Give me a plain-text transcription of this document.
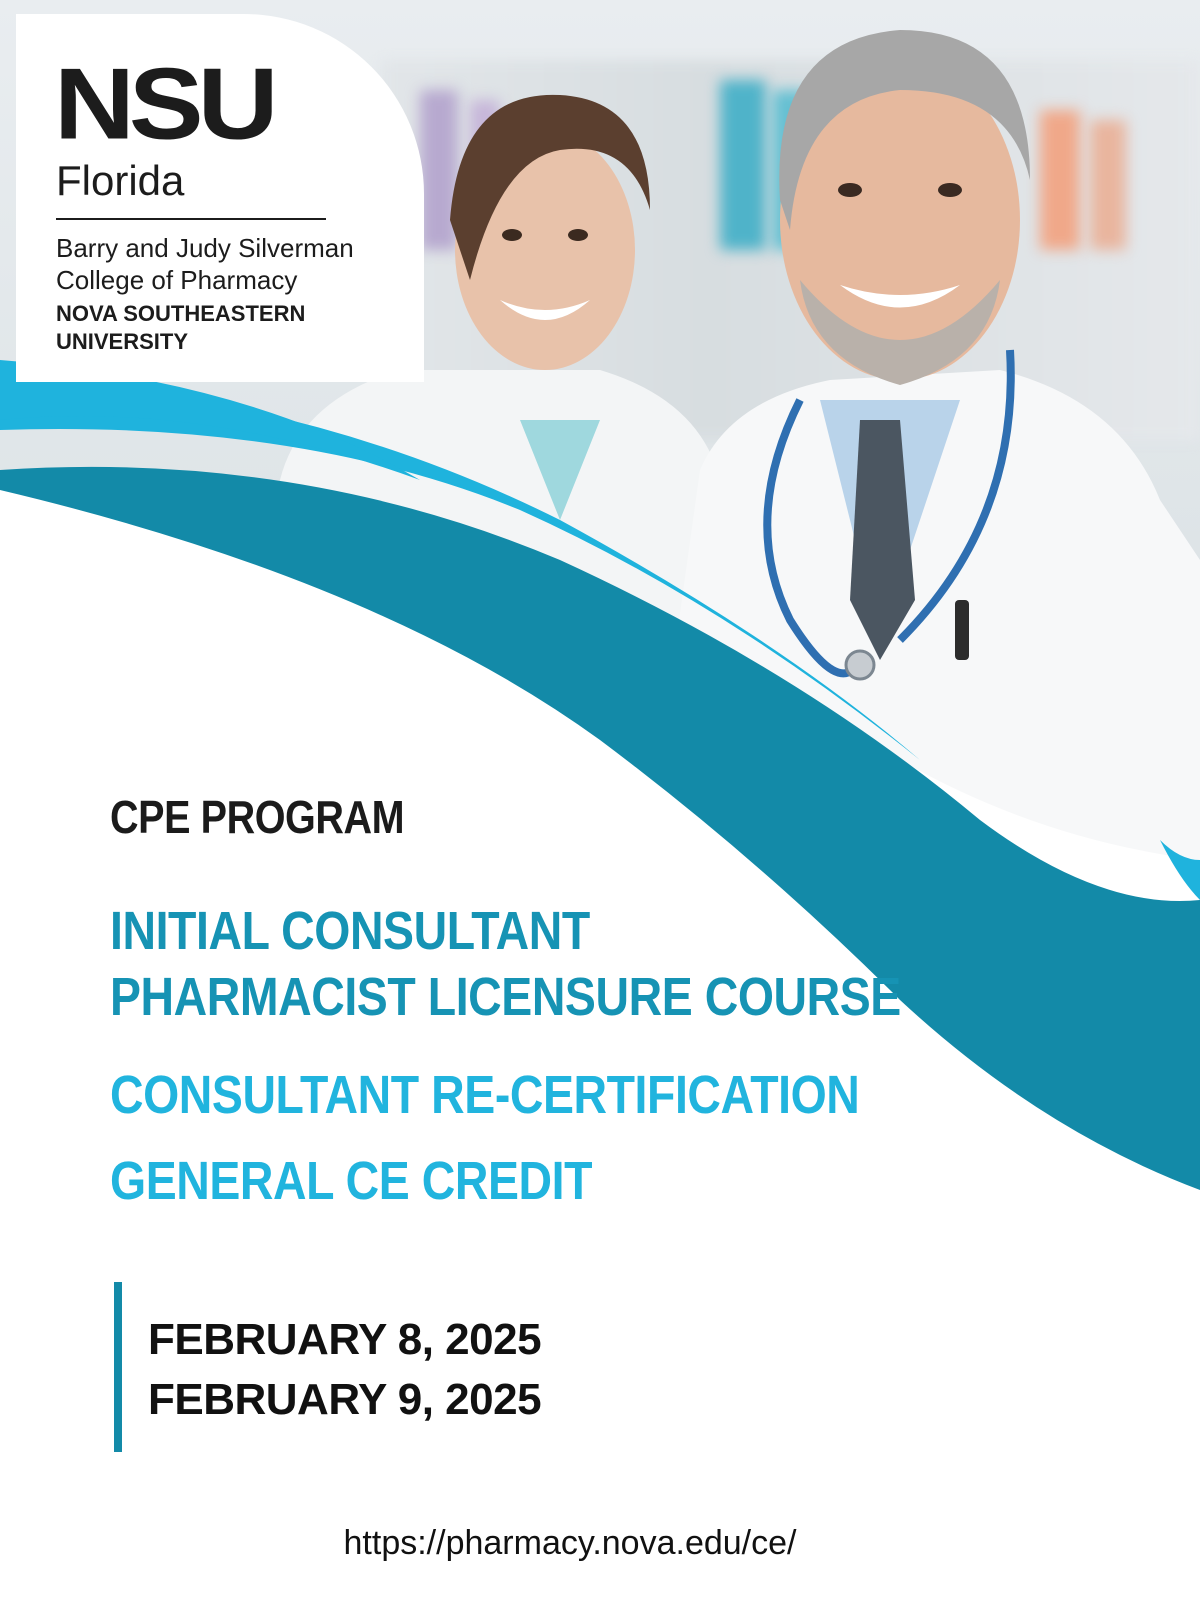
NSU
Florida
Barry and Judy Silverman
College of Pharmacy
NOVA SOUTHEASTERN
UNIVERSITY
CPE PROGRAM
INITIAL CONSULTANT
PHARMACIST LICENSURE COURSE
CONSULTANT RE-CERTIFICATION
GENERAL CE CREDIT
FEBRUARY 8, 2025
FEBRUARY 9, 2025
https://pharmacy.nova.edu/ce/
